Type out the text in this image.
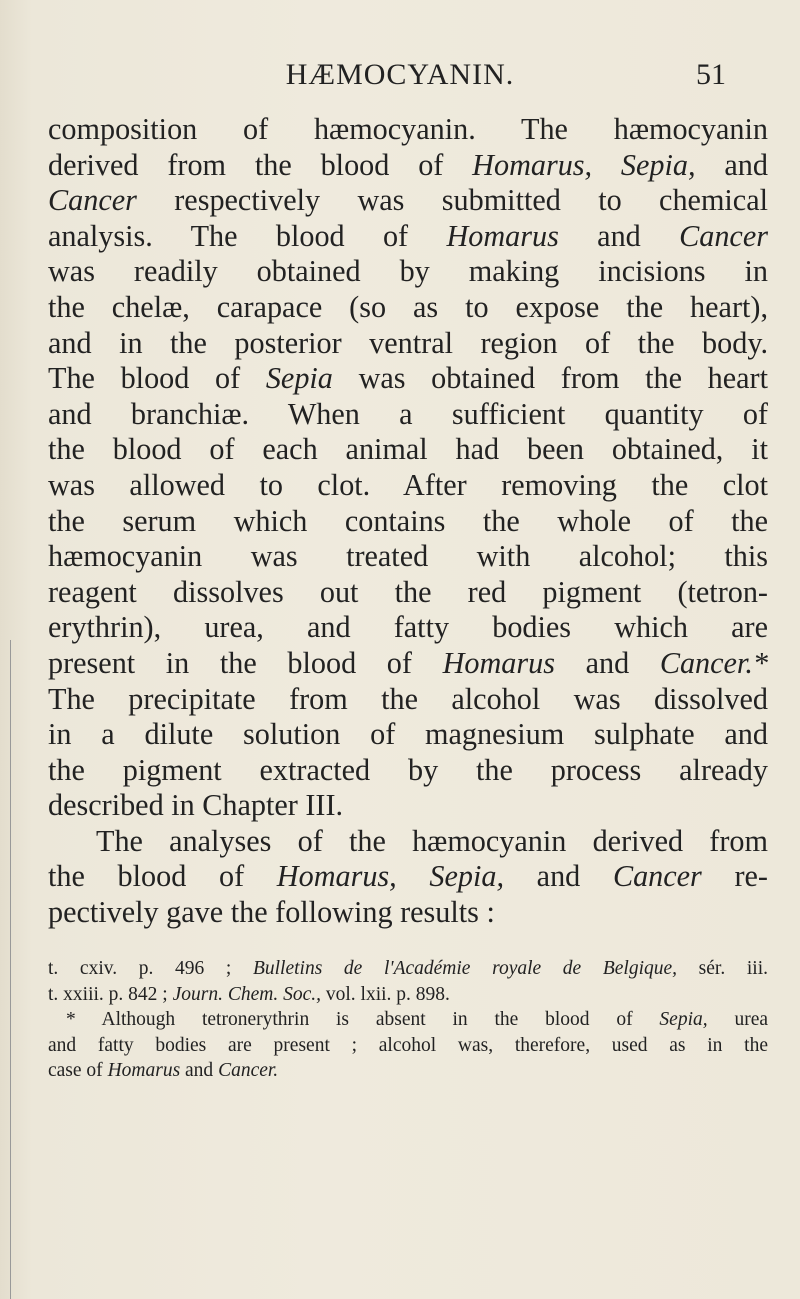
HÆMOCYANIN.	51
composition of hæmocyanin. The hæmocyanin
derived from the blood of Homarus, Sepia, and
Cancer respectively was submitted to chemical
analysis. The blood of Homarus and Cancer
was readily obtained by making incisions in
the chelæ, carapace (so as to expose the heart),
and in the posterior ventral region of the body.
The blood of Sepia was obtained from the heart
and branchiæ. When a sufficient quantity of
the blood of each animal had been obtained, it
was allowed to clot. After removing the clot
the serum which contains the whole of the
hæmocyanin was treated with alcohol; this
reagent dissolves out the red pigment (tetron-
erythrin), urea, and fatty bodies which are
present in the blood of Homarus and Cancer.*
The precipitate from the alcohol was dissolved
in a dilute solution of magnesium sulphate and
the pigment extracted by the process already
described in Chapter III.
The analyses of the hæmocyanin derived from
the blood of Homarus, Sepia, and Cancer re-
pectively gave the following results :
t. cxiv. p. 496 ; Bulletins de l'Académie royale de Belgique, sér. iii.
t. xxiii. p. 842 ; Journ. Chem. Soc., vol. lxii. p. 898.
* Although tetronerythrin is absent in the blood of Sepia, urea
and fatty bodies are present ; alcohol was, therefore, used as in the
case of Homarus and Cancer.
